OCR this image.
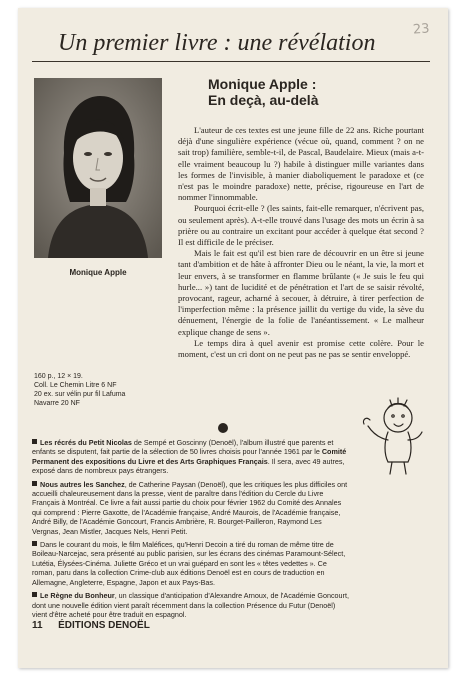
23
Un premier livre : une révélation
Monique Apple
Monique Apple :
En deçà, au-delà

L'auteur de ces textes est une jeune fille de 22 ans. Riche pourtant déjà d'une singulière expérience (vécue où, quand, comment ? on ne sait trop) familière, semble-t-il, de Pascal, Baudelaire. Mieux (mais a-t-elle vraiment beaucoup lu ?) habile à distinguer mille variantes dans les formes de l'invisible, à manier diaboliquement le paradoxe et (ce n'est pas le moindre paradoxe) nette, précise, rigoureuse en l'art de nommer l'innommable.

Pourquoi écrit-elle ? (les saints, fait-elle remarquer, n'écrivent pas, ou seulement après). A-t-elle trouvé dans l'usage des mots un écrin à sa prière ou au contraire un excitant pour accéder à quelque état second ? Il est difficile de le préciser.

Mais le fait est qu'il est bien rare de découvrir en un être si jeune tant d'ambition et de hâte à affronter Dieu ou le néant, la vie, la mort et leur envers, à se transformer en flamme brûlante (« Je suis le feu qui hurle... ») tant de lucidité et de pénétration et l'art de se saisir révolté, provocant, rageur, acharné à secouer, à détruire, à tirer perfection de l'imperfection même : la présence jaillit du vertige du vide, la sève du dénuement, l'énergie de la folie de l'anéantissement. « Le malheur explique change de sens ».

Le temps dira à quel avenir est promise cette colère. Pour le moment, c'est un cri dont on ne peut pas ne pas se sentir enveloppé.

160 p., 12 × 19.
Coll. Le Chemin Litre 6 NF
20 ex. sur vélin pur fil Lafuma
Navarre 20 NF

Les récrés du Petit Nicolas de Sempé et Goscinny (Denoël), l'album illustré que parents et enfants se disputent, fait partie de la sélection de 50 livres choisis pour l'année 1961 par le Comité Permanent des expositions du Livre et des Arts Graphiques Français. Il sera, avec 49 autres, exposé dans de nombreux pays étrangers.

Nous autres les Sanchez, de Catherine Paysan (Denoël), que les critiques les plus difficiles ont accueilli chaleureusement dans la presse, vient de paraître dans l'édition du Cercle du Livre Français à Montréal. Ce livre a fait aussi partie du choix pour février 1962 du Comité des Annales qui comprend : Pierre Gaxotte, de l'Académie française, André Maurois, de l'Académie française, André Billy, de l'Académie Goncourt, Francis Ambrière, R. Bourget-Pailleron, Raymond Les Vergnas, Jean Mistler, Jacques Nels, Henri Petit.

Dans le courant du mois, le film Maléfices, qu'Henri Decoin a tiré du roman de même titre de Boileau-Narcejac, sera présenté au public parisien, sur les écrans des cinémas Paramount-Sélect, Lutétia, Élysées-Cinéma. Juliette Gréco et un vrai guépard en sont les « têtes vedettes ». Ce roman, paru dans la collection Crime-club aux éditions Denoël est en cours de traduction en Allemagne, Angleterre, Espagne, Japon et aux Pays-Bas.

Le Règne du Bonheur, un classique d'anticipation d'Alexandre Arnoux, de l'Académie Goncourt, dont une nouvelle édition vient paraît récemment dans la collection Présence du Futur (Denoël) vient d'être acheté pour être traduit en espagnol.

11 ÉDITIONS DENOËL
